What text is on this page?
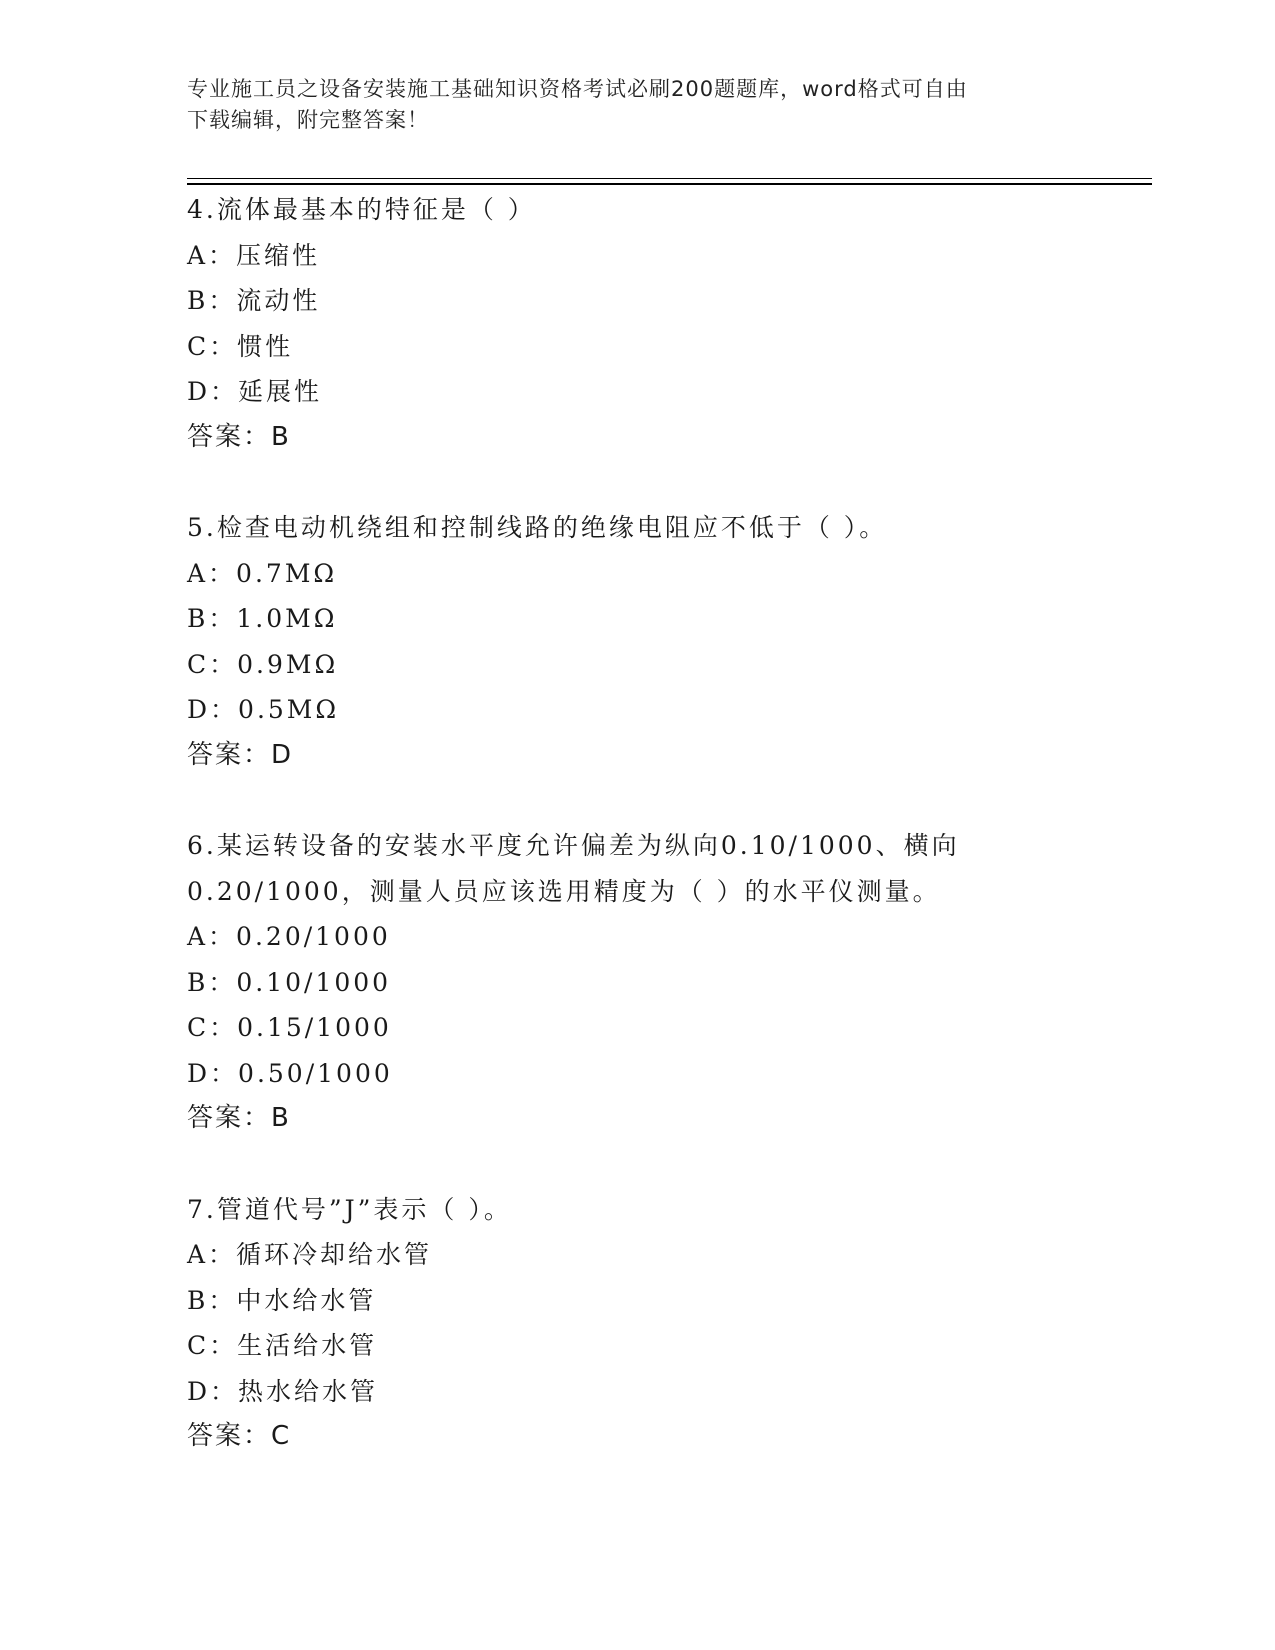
专业施工员之设备安装施工基础知识资格考试必刷200题题库，word格式可自由
下载编辑，附完整答案！
4.流体最基本的特征是（ ）
A：压缩性
B：流动性
C：惯性
D：延展性
答案：B
5.检查电动机绕组和控制线路的绝缘电阻应不低于（ ）。
A：0.7MΩ
B：1.0MΩ
C：0.9MΩ
D：0.5MΩ
答案：D
6.某运转设备的安装水平度允许偏差为纵向0.10/1000、横向
0.20/1000，测量人员应该选用精度为（ ）的水平仪测量。
A：0.20/1000
B：0.10/1000
C：0.15/1000
D：0.50/1000
答案：B
7.管道代号”J”表示（ ）。
A：循环冷却给水管
B：中水给水管
C：生活给水管
D：热水给水管
答案：C
